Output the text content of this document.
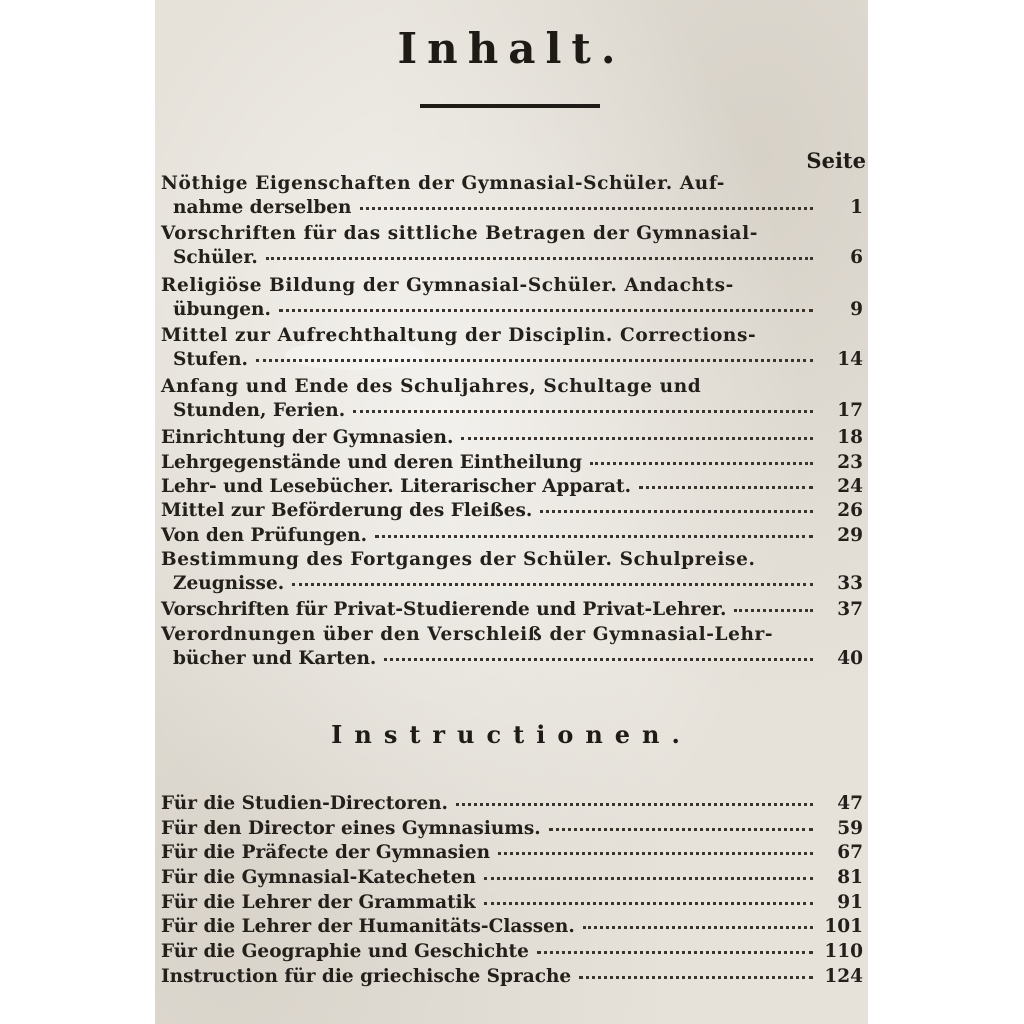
Inhalt.
Seite
Nöthige Eigenschaften der Gymnasial-Schüler. Auf-
nahme derselben	1
Vorschriften für das sittliche Betragen der Gymnasial-
Schüler.	6
Religiöse Bildung der Gymnasial-Schüler. Andachts-
übungen.	9
Mittel zur Aufrechthaltung der Disciplin. Corrections-
Stufen.	14
Anfang und Ende des Schuljahres, Schultage und
Stunden, Ferien.	17
Einrichtung der Gymnasien.	18
Lehrgegenstände und deren Eintheilung	23
Lehr- und Lesebücher. Literarischer Apparat.	24
Mittel zur Beförderung des Fleißes.	26
Von den Prüfungen.	29
Bestimmung des Fortganges der Schüler. Schulpreise.
Zeugnisse.	33
Vorschriften für Privat-Studierende und Privat-Lehrer.	37
Verordnungen über den Verschleiß der Gymnasial-Lehr-
bücher und Karten.	40
Instructionen.
Für die Studien-Directoren.	47
Für den Director eines Gymnasiums.	59
Für die Präfecte der Gymnasien	67
Für die Gymnasial-Katecheten	81
Für die Lehrer der Grammatik	91
Für die Lehrer der Humanitäts-Classen.	101
Für die Geographie und Geschichte	110
Instruction für die griechische Sprache	124
